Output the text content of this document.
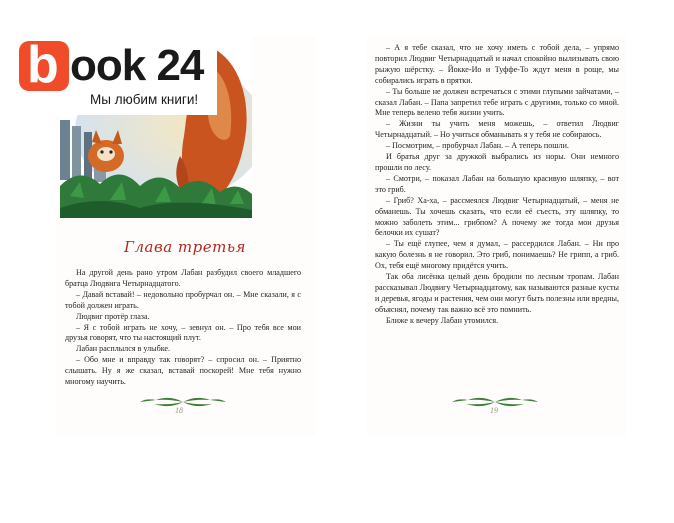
b ook 24
Мы любим книги!
Глава третья

На другой день рано утром Лабан разбудил своего младшего братца Людвига Четырнадцатого.

– Давай вставай! – недовольно пробурчал он. – Мне сказали, я с тобой должен играть.

Людвиг протёр глаза.

– Я с тобой играть не хочу, – зевнул он. – Про тебя все мои друзья говорят, что ты настоящий плут.

Лабан расплылся в улыбке.

– Обо мне и вправду так говорят? – спросил он. – Приятно слышать. Ну я же сказал, вставай поскорей! Мне тебя нужно многому научить.

18

– А я тебе сказал, что не хочу иметь с тобой дела, – упрямо повторил Людвиг Четырнадцатый и начал спокойно вылизывать свою рыжую шёрстку. – Йокке-Ио и Туффе-То ждут меня в роще, мы собирались играть в прятки.

– Ты больше не должен встречаться с этими глупыми зайчатами, – сказал Лабан. – Папа запретил тебе играть с другими, только со мной. Мне теперь велено тебя жизни учить.

– Жизни ты учить меня можешь, – ответил Людвиг Четырнадцатый. – Но учиться обманывать я у тебя не собираюсь.

– Посмотрим, – пробурчал Лабан. – А теперь пошли.

И братья друг за дружкой выбрались из норы. Они немного прошли по лесу.

– Смотри, – показал Лабан на большую красивую шляпку, – вот это гриб.

– Гриб? Ха-ха, – рассмеялся Людвиг Четырнадцатый, – меня не обманешь. Ты хочешь сказать, что если её съесть, эту шляпку, то можно заболеть этим... грибпом? А почему же тогда мои друзья белочки их сушат?

– Ты ещё глупее, чем я думал, – рассердился Лабан. – Ни про какую болезнь я не говорил. Это гриб, понимаешь? Не грипп, а гриб. Ох, тебя ещё многому придётся учить.

Так оба лисёнка целый день бродили по лесным тропам. Лабан рассказывал Людвигу Четырнадцатому, как называются разные кусты и деревья, ягоды и растения, чем они могут быть полезны или вредны, объяснял, почему так важно всё это помнить.

Ближе к вечеру Лабан утомился.

19
